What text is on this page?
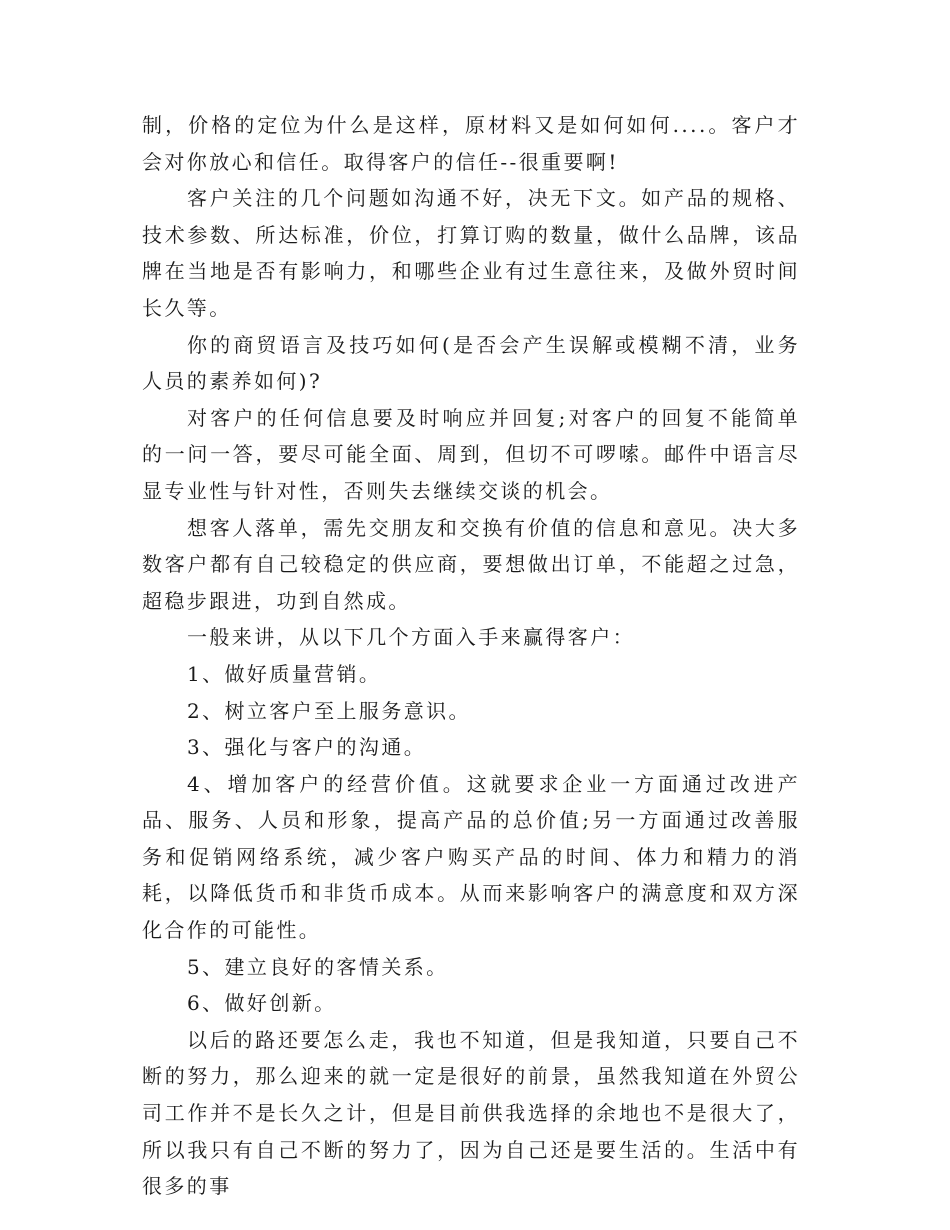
制，价格的定位为什么是这样，原材料又是如何如何....。客户才会对你放心和信任。取得客户的信任--很重要啊!

客户关注的几个问题如沟通不好，决无下文。如产品的规格、技术参数、所达标准，价位，打算订购的数量，做什么品牌，该品牌在当地是否有影响力，和哪些企业有过生意往来，及做外贸时间长久等。

你的商贸语言及技巧如何(是否会产生误解或模糊不清，业务人员的素养如何)?

对客户的任何信息要及时响应并回复;对客户的回复不能简单的一问一答，要尽可能全面、周到，但切不可啰嗦。邮件中语言尽显专业性与针对性，否则失去继续交谈的机会。

想客人落单，需先交朋友和交换有价值的信息和意见。决大多数客户都有自己较稳定的供应商，要想做出订单，不能超之过急，超稳步跟进，功到自然成。

一般来讲，从以下几个方面入手来赢得客户：

1、做好质量营销。

2、树立客户至上服务意识。

3、强化与客户的沟通。

4、增加客户的经营价值。这就要求企业一方面通过改进产品、服务、人员和形象，提高产品的总价值;另一方面通过改善服务和促销网络系统，减少客户购买产品的时间、体力和精力的消耗，以降低货币和非货币成本。从而来影响客户的满意度和双方深化合作的可能性。

5、建立良好的客情关系。

6、做好创新。

以后的路还要怎么走，我也不知道，但是我知道，只要自己不断的努力，那么迎来的就一定是很好的前景，虽然我知道在外贸公司工作并不是长久之计，但是目前供我选择的余地也不是很大了，所以我只有自己不断的努力了，因为自己还是要生活的。生活中有很多的事
